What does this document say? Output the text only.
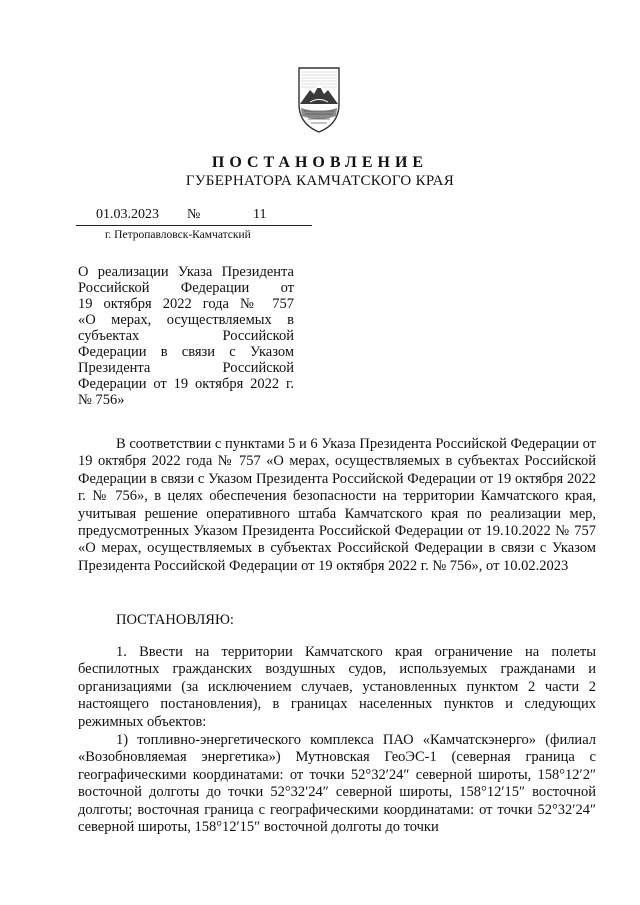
ПОСТАНОВЛЕНИЕ
ГУБЕРНАТОРА КАМЧАТСКОГО КРАЯ
01.03.2023 №	11
г. Петропавловск-Камчатский
О реализации Указа Президента
Российской Федерации от
19 октября 2022 года № 757
«О мерах, осуществляемых в
субъектах Российской
Федерации в связи с Указом
Президента Российской
Федерации от 19 октября 2022 г.
№ 756»

В соответствии с пунктами 5 и 6 Указа Президента Российской Федерации от 19 октября 2022 года № 757 «О мерах, осуществляемых в субъектах Российской Федерации в связи с Указом Президента Российской Федерации от 19 октября 2022 г. № 756», в целях обеспечения безопасности на территории Камчатского края, учитывая решение оперативного штаба Камчатского края по реализации мер, предусмотренных Указом Президента Российской Федерации от 19.10.2022 № 757 «О мерах, осуществляемых в субъектах Российской Федерации в связи с Указом Президента Российской Федерации от 19 октября 2022 г. № 756», от 10.02.2023

ПОСТАНОВЛЯЮ:

1. Ввести на территории Камчатского края ограничение на полеты беспилотных гражданских воздушных судов, используемых гражданами и организациями (за исключением случаев, установленных пунктом 2 части 2 настоящего постановления), в границах населенных пунктов и следующих режимных объектов:

1) топливно-энергетического комплекса ПАО «Камчатскэнерго» (филиал «Возобновляемая энергетика») Мутновская ГеоЭС-1 (северная граница с географическими координатами: от точки 52°32′24″ северной широты, 158°12′2″ восточной долготы до точки 52°32′24″ северной широты, 158°12′15″ восточной долготы; восточная граница с географическими координатами: от точки 52°32′24″ северной широты, 158°12′15″ восточной долготы до точки
